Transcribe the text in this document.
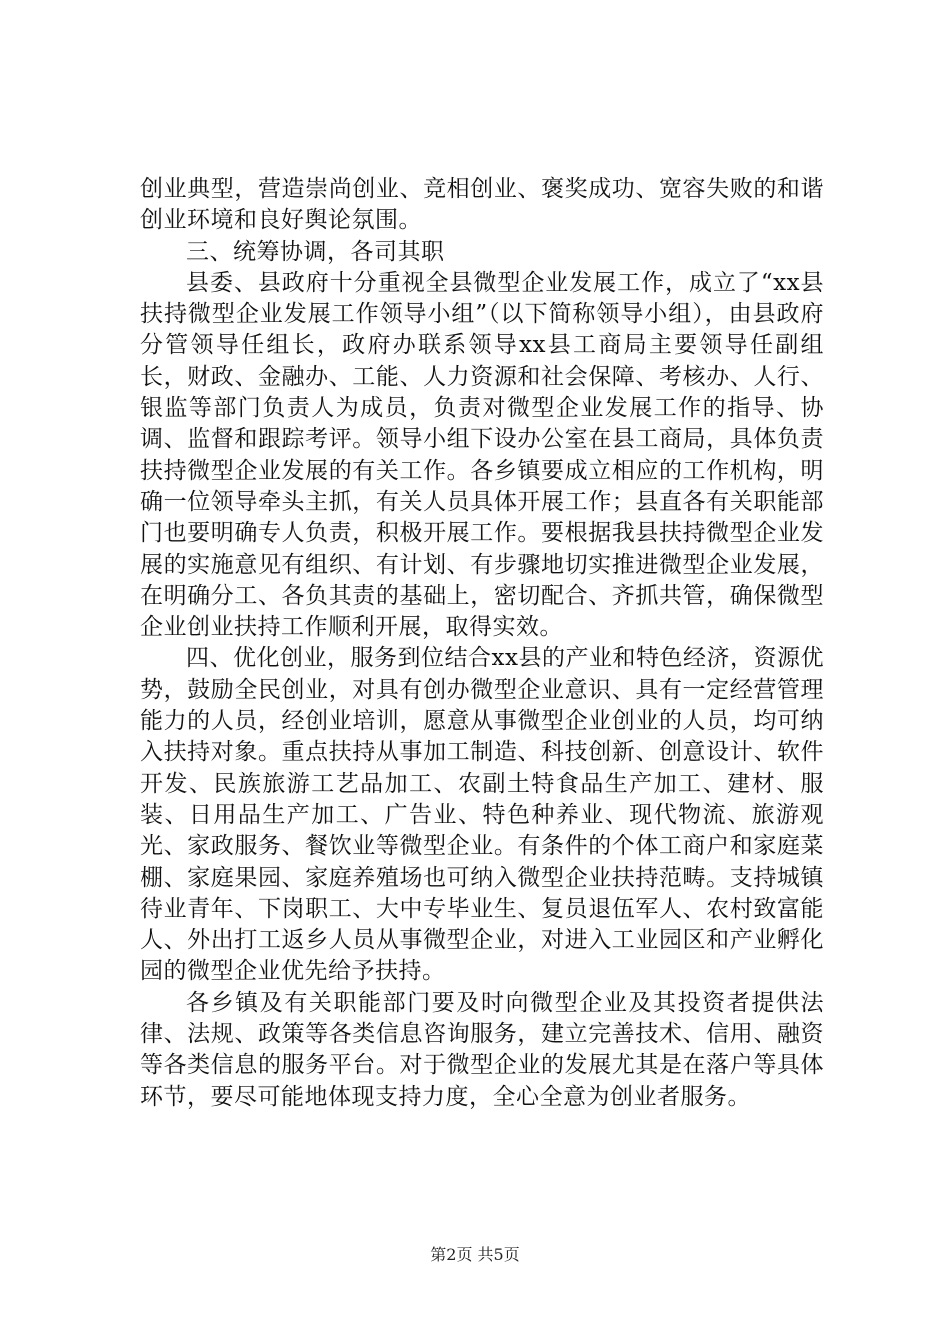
创业典型，营造崇尚创业、竞相创业、褒奖成功、宽容失败的和谐创业环境和良好舆论氛围。

三、统筹协调，各司其职

县委、县政府十分重视全县微型企业发展工作，成立了“xx县扶持微型企业发展工作领导小组”（以下简称领导小组），由县政府分管领导任组长，政府办联系领导xx县工商局主要领导任副组长，财政、金融办、工能、人力资源和社会保障、考核办、人行、银监等部门负责人为成员，负责对微型企业发展工作的指导、协调、监督和跟踪考评。领导小组下设办公室在县工商局，具体负责扶持微型企业发展的有关工作。各乡镇要成立相应的工作机构，明确一位领导牵头主抓，有关人员具体开展工作；县直各有关职能部门也要明确专人负责，积极开展工作。要根据我县扶持微型企业发展的实施意见有组织、有计划、有步骤地切实推进微型企业发展，在明确分工、各负其责的基础上，密切配合、齐抓共管，确保微型企业创业扶持工作顺利开展，取得实效。

四、优化创业，服务到位结合xx县的产业和特色经济，资源优势，鼓励全民创业，对具有创办微型企业意识、具有一定经营管理能力的人员，经创业培训，愿意从事微型企业创业的人员，均可纳入扶持对象。重点扶持从事加工制造、科技创新、创意设计、软件开发、民族旅游工艺品加工、农副土特食品生产加工、建材、服装、日用品生产加工、广告业、特色种养业、现代物流、旅游观光、家政服务、餐饮业等微型企业。有条件的个体工商户和家庭菜棚、家庭果园、家庭养殖场也可纳入微型企业扶持范畴。支持城镇待业青年、下岗职工、大中专毕业生、复员退伍军人、农村致富能人、外出打工返乡人员从事微型企业，对进入工业园区和产业孵化园的微型企业优先给予扶持。

各乡镇及有关职能部门要及时向微型企业及其投资者提供法律、法规、政策等各类信息咨询服务，建立完善技术、信用、融资等各类信息的服务平台。对于微型企业的发展尤其是在落户等具体环节，要尽可能地体现支持力度，全心全意为创业者服务。

第2页 共5页
